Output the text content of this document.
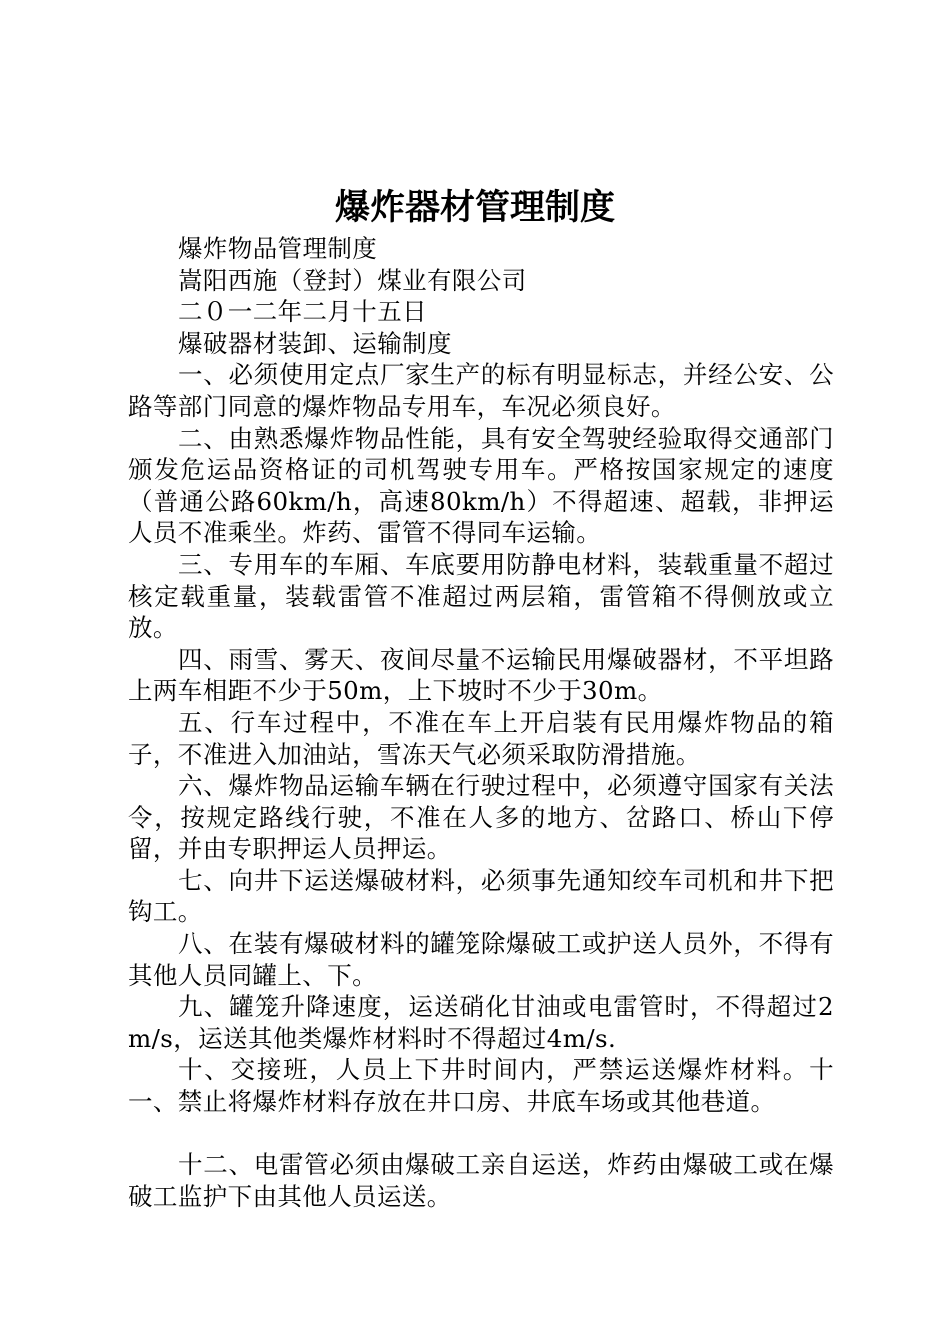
爆炸器材管理制度

爆炸物品管理制度

嵩阳西施（登封）煤业有限公司

二０一二年二月十五日

爆破器材装卸、运输制度

一、必须使用定点厂家生产的标有明显标志，并经公安、公路等部门同意的爆炸物品专用车，车况必须良好。

二、由熟悉爆炸物品性能，具有安全驾驶经验取得交通部门颁发危运品资格证的司机驾驶专用车。严格按国家规定的速度（普通公路60km/h，高速80km/h）不得超速、超载，非押运人员不准乘坐。炸药、雷管不得同车运输。

三、专用车的车厢、车底要用防静电材料，装载重量不超过核定载重量，装载雷管不准超过两层箱，雷管箱不得侧放或立放。

四、雨雪、雾天、夜间尽量不运输民用爆破器材，不平坦路上两车相距不少于50m，上下坡时不少于30m。

五、行车过程中，不准在车上开启装有民用爆炸物品的箱子，不准进入加油站，雪冻天气必须采取防滑措施。

六、爆炸物品运输车辆在行驶过程中，必须遵守国家有关法令，按规定路线行驶，不准在人多的地方、岔路口、桥山下停留，并由专职押运人员押运。

七、向井下运送爆破材料，必须事先通知绞车司机和井下把钩工。

八、在装有爆破材料的罐笼除爆破工或护送人员外，不得有其他人员同罐上、下。

九、罐笼升降速度，运送硝化甘油或电雷管时，不得超过2m/s，运送其他类爆炸材料时不得超过4m/s.

十、交接班，人员上下井时间内，严禁运送爆炸材料。十一、禁止将爆炸材料存放在井口房、井底车场或其他巷道。

十二、电雷管必须由爆破工亲自运送，炸药由爆破工或在爆破工监护下由其他人员运送。
